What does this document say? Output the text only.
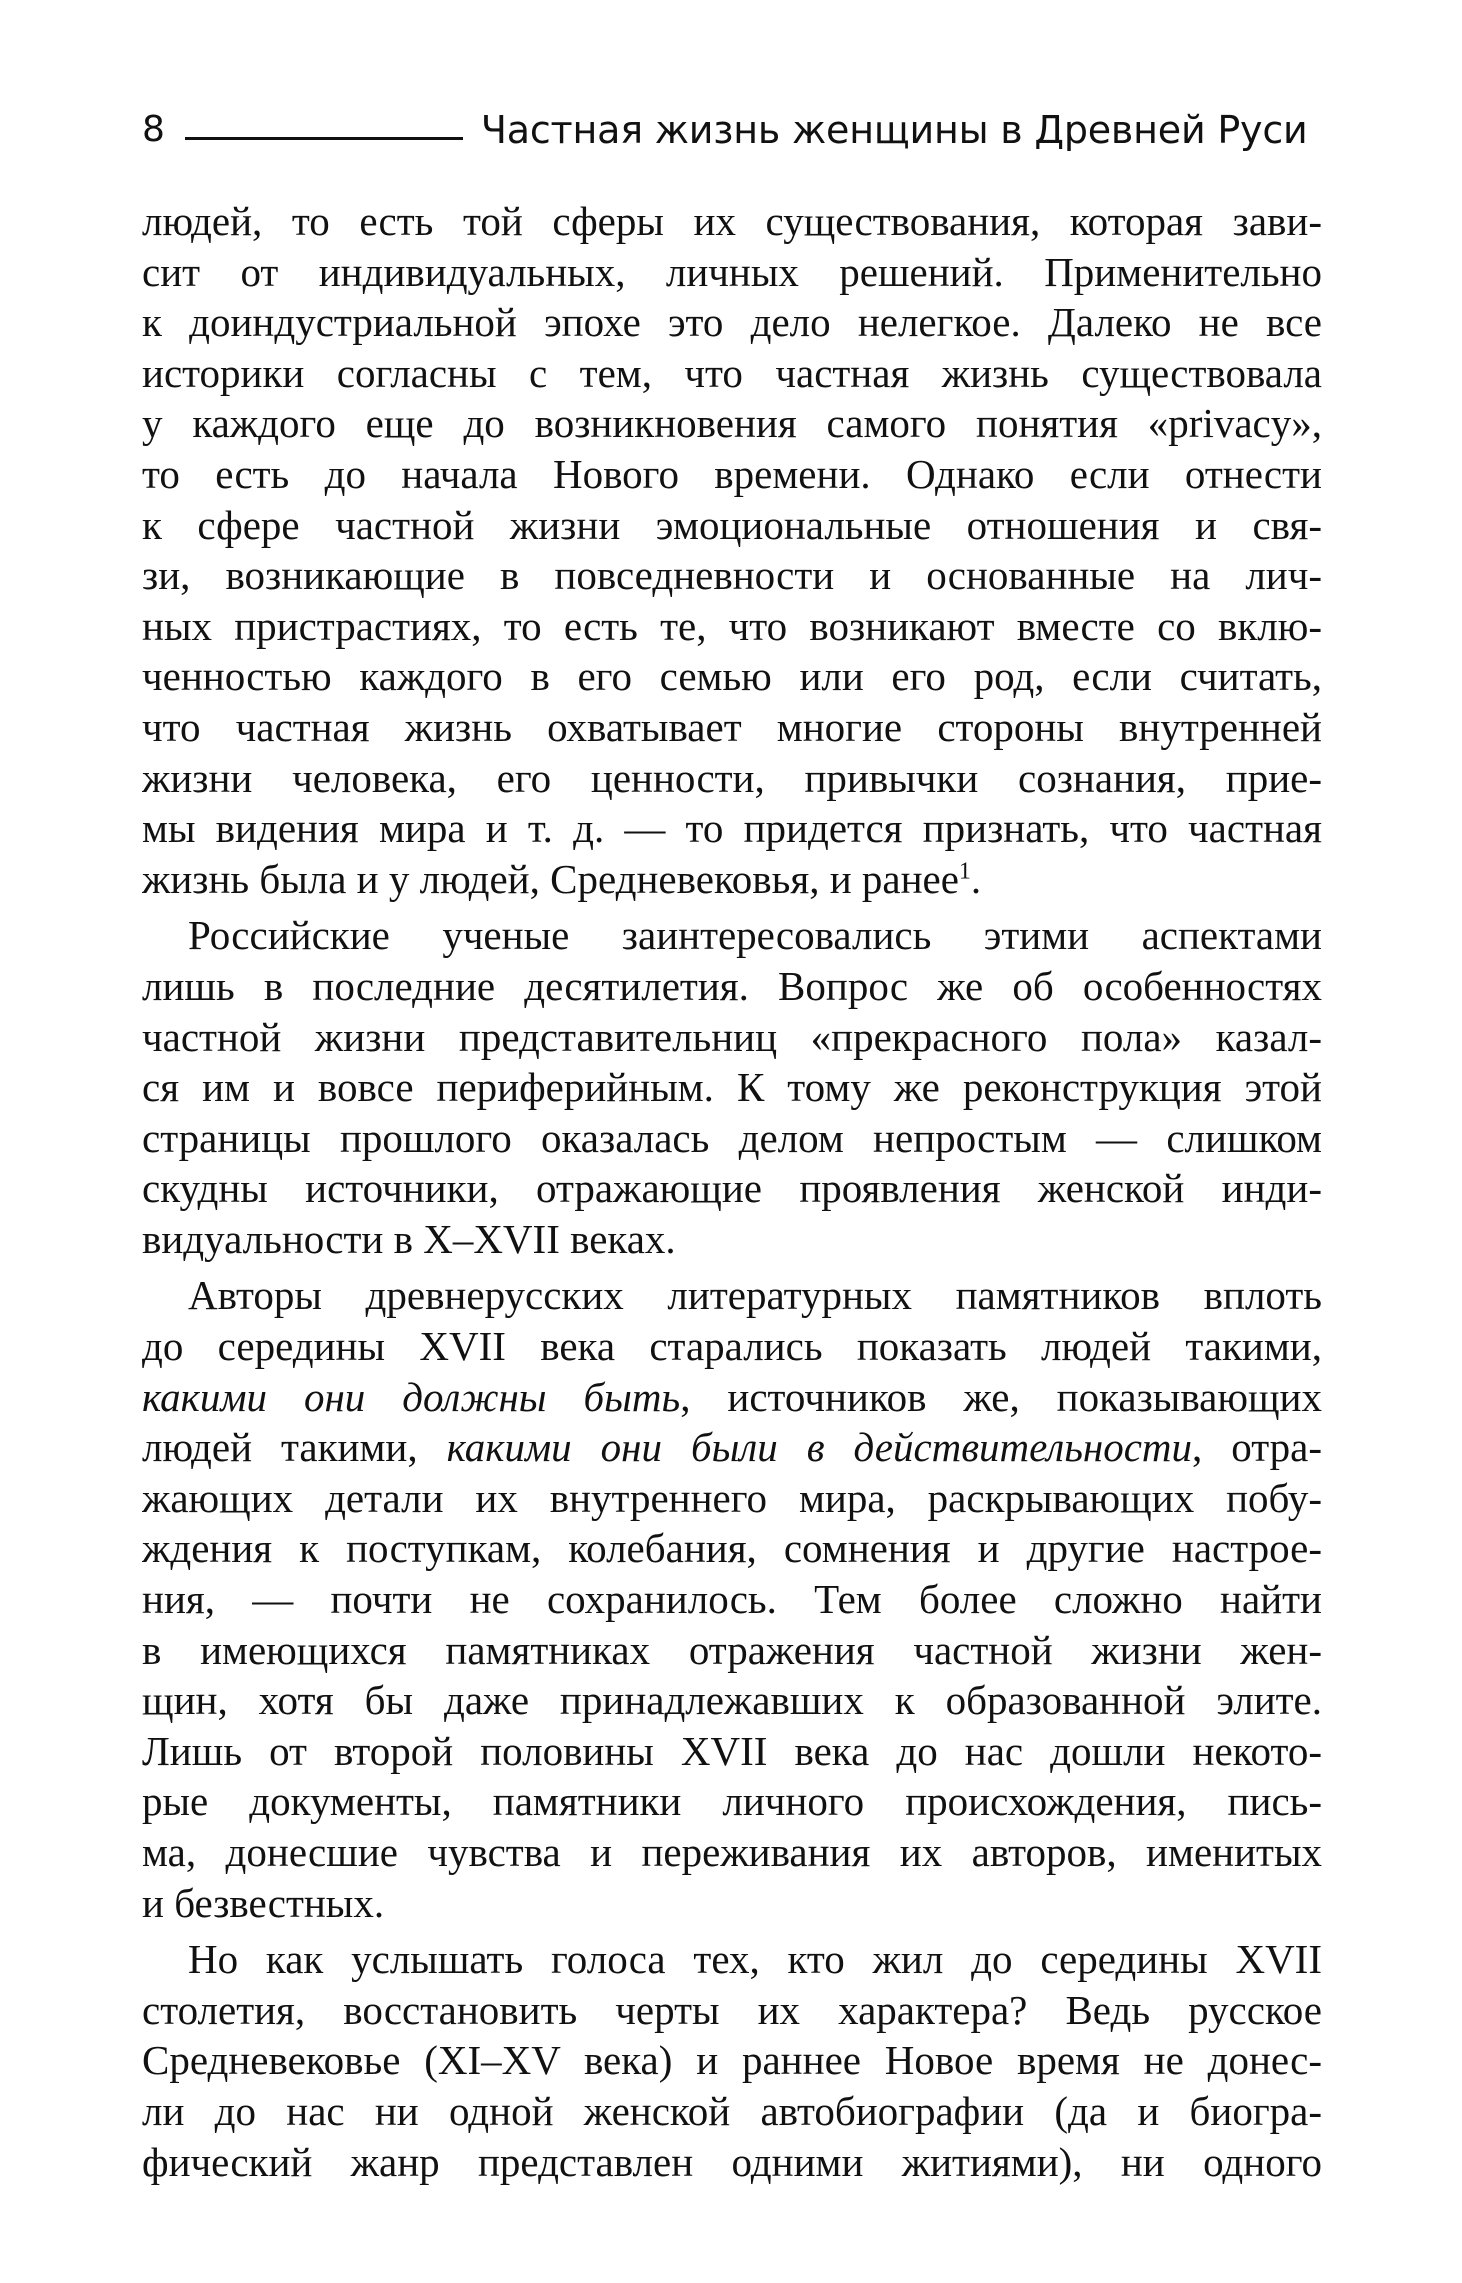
8	Частная жизнь женщины в Древней Руси
людей, то есть той сферы их существования, которая зави-
сит от индивидуальных, личных решений. Применительно
к доиндустриальной эпохе это дело нелегкое. Далеко не все
историки согласны с тем, что частная жизнь существовала
у каждого еще до возникновения самого понятия «privacy»,
то есть до начала Нового времени. Однако если отнести
к сфере частной жизни эмоциональные отношения и свя-
зи, возникающие в повседневности и основанные на лич-
ных пристрастиях, то есть те, что возникают вместе со вклю-
ченностью каждого в его семью или его род, если считать,
что частная жизнь охватывает многие стороны внутренней
жизни человека, его ценности, привычки сознания, прие-
мы видения мира и т. д. — то придется признать, что частная
жизнь была и у людей, Средневековья, и ранее$^1$.
Российские ученые заинтересовались этими аспектами
лишь в последние десятилетия. Вопрос же об особенностях
частной жизни представительниц «прекрасного пола» казал-
ся им и вовсе периферийным. К тому же реконструкция этой
страницы прошлого оказалась делом непростым — слишком
скудны источники, отражающие проявления женской инди-
видуальности в X–XVII веках.
Авторы древнерусских литературных памятников вплоть
до середины XVII века старались показать людей такими,
какими они должны быть, источников же, показывающих
людей такими, какими они были в действительности, отра-
жающих детали их внутреннего мира, раскрывающих побу-
ждения к поступкам, колебания, сомнения и другие настрое-
ния, — почти не сохранилось. Тем более сложно найти
в имеющихся памятниках отражения частной жизни жен-
щин, хотя бы даже принадлежавших к образованной элите.
Лишь от второй половины XVII века до нас дошли некото-
рые документы, памятники личного происхождения, пись-
ма, донесшие чувства и переживания их авторов, именитых
и безвестных.
Но как услышать голоса тех, кто жил до середины XVII
столетия, восстановить черты их характера? Ведь русское
Средневековье (XI–XV века) и раннее Новое время не донес-
ли до нас ни одной женской автобиографии (да и биогра-
фический жанр представлен одними житиями), ни одного
